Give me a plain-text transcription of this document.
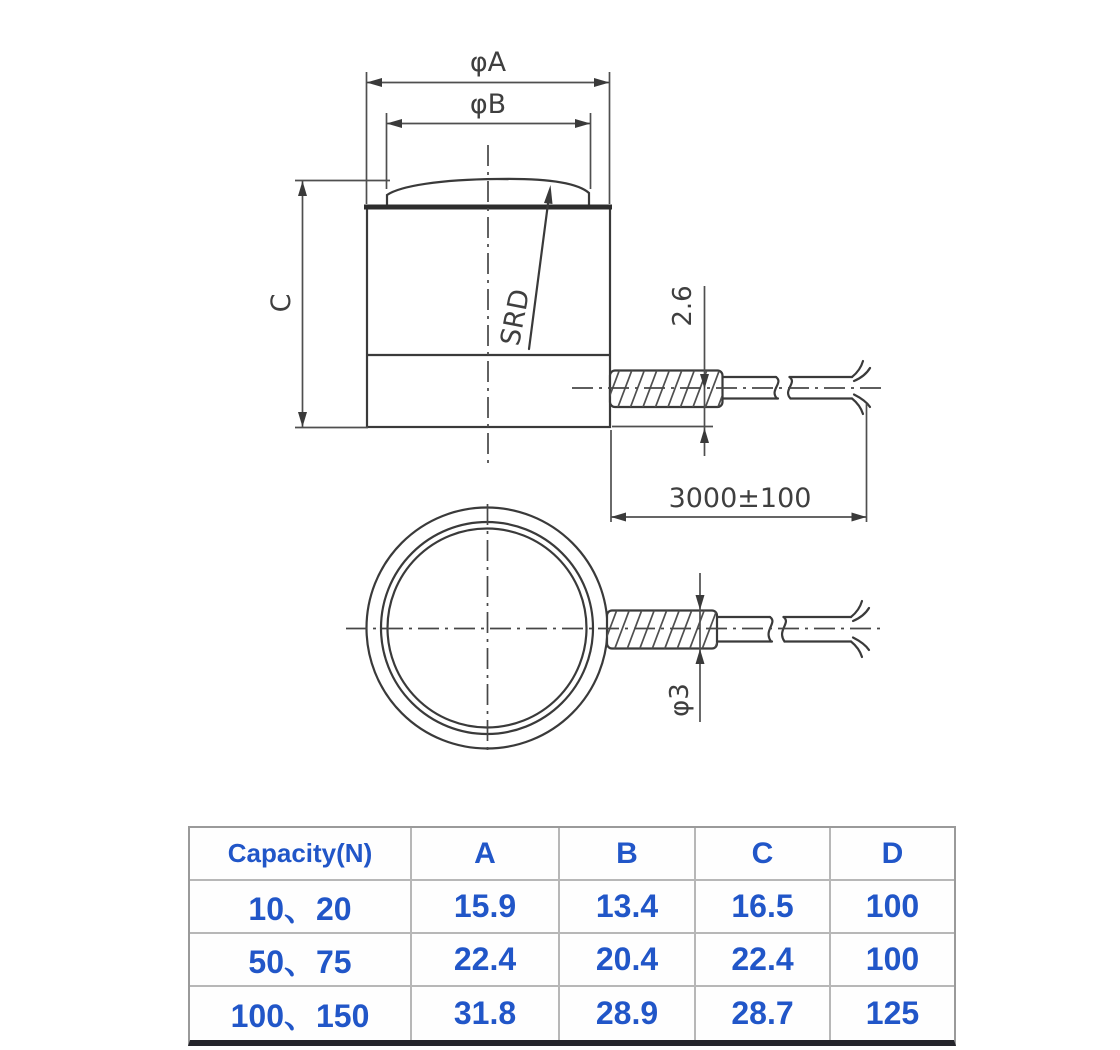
φA
φB
C	SRD	2.6
3000±100
φ3
Capacity(N)	A	B	C	D
10、20	15.9	13.4	16.5	100
50、75	22.4	20.4	22.4	100
100、150	31.8	28.9	28.7	125
